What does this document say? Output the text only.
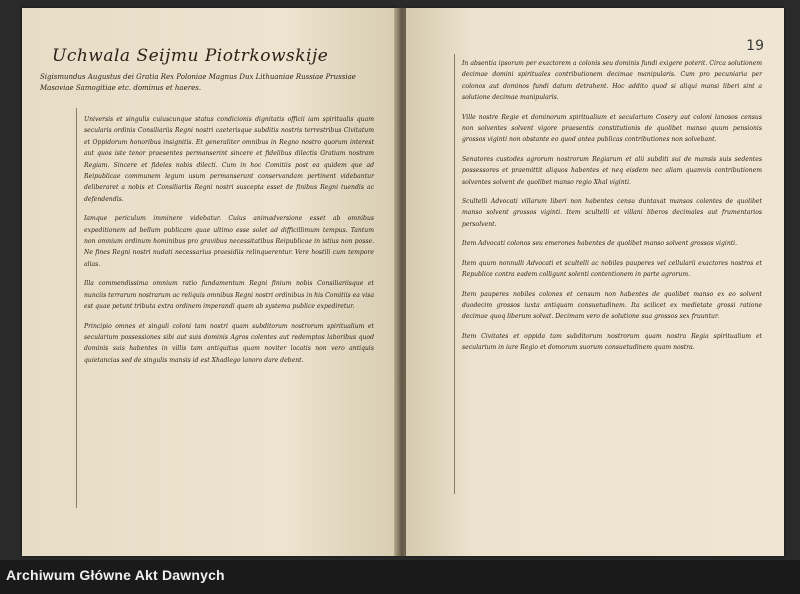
Uchwala Seijmu Piotrkowskije
Sigismundus Augustus dei Gratia Rex Poloniae Magnus Dux Lithuaniae Russiae Prussiae Masoviae Samogitiae etc. dominus et haeres.

Universis et singulis cuiuscunque status condicionis dignitatis officii iam spiritualis quam secularis ordinis Consiliariis Regni nostri caeterisque subditis nostris terrestribus Civitatum et Oppidorum honoribus insignitis. Et generaliter omnibus in Regno nostro quorum interest aut quos iste tenor praesentes permanserint sincere et fidelibus dilectis Gratiam nostram Regiam. Sincere et fideles nobis dilecti. Cum in hoc Comitiis post ea quidem que ad Reipublicae communem legum usum permanserunt conservandam pertinent videbantur deliberaret a nobis et Consiliariis Regni nostri suscepta esset de finibus Regni tuendis ac defendendis.

Iamque periculum imminere videbatur. Cuius animadversione esset ab omnibus expeditionem ad bellum publicam quae ultimo esse solet ad difficillimum tempus. Tantum non omnium ordinum hominibus pro gravibus necessitatibus Reipublicae in istius non posse. Ne fines Regni nostri nudati necessarius praesidiis relinquerentur. Vere hostili cum tempore alias.

Illa commendissima omnium ratio fundamentum Regni finium nobis Consiliariisque et nunciis terrarum nostrarum ac reliquis omnibus Regni nostri ordinibus in his Comitiis ea visa est quae petunt tributa extra ordinem imperandi quam ab systema publice expediretur.

Principio omnes et singuli coloni tam nostri quam subditorum nostrorum spiritualium et secularium possessiones sibi aut suis dominis Agros colentes aut redemptos laboribus quod dominis suis habentes in villis tam antiquitus quam noviter locatis non vero antiquis quietancias sed de singulis mansis id est Xhadlego lanoro dare debent.

19

In absentia ipsorum per exactorem a colonis seu dominis fundi exigere poterit. Circa solutionem decimae domini spirituales contributionem decimae manipularis. Cum pro pecuniaria per colonos aut dominos fundi datum detrahent. Hoc addito quod si aliqui mansi liberi sint a solutione decimae manipularis.

Ville nostre Regie et dominorum spiritualium et secularium Cosery aut coloni lanosos census non solventes solvent vigore praesentis constitutionis de quolibet manso quum pensionis grossos viginti non obstante eo quod antea publicas contributiones non solvebant.

Senatores custodes agrorum nostrorum Regiarum et alii subditi sui de mansis suis sedentes possessores et praemittit aliquos habentes et neq eisdem nec aliam quamvis contributionem solventes solvent de quolibet manso regio Xhal viginti.

Scultelli Advocati villarum liberi non habentes censu duntaxat mansos colentes de quolibet manso solvent grossos viginti. Item scultelli et villani liberos decimales aut frumentarios persolvent.

Item Advocati colonos seu emerones habentes de quolibet manso solvent grossos viginti.

Item quum nonnulli Advocati et scultelli ac nobiles pauperes vel cellularii exactores nostros et Republice contra eadem colligunt solenti contentionem in parte agrorum.

Item pauperes nobiles colones et censum non habentes de quolibet manso ex eo solvent duodecim grossos iuxta antiquam consuetudinem. Ita scilicet ex medietate grossi ratione decimae quoq liberum solvat. Decimam vero de solutione sua grossos sex fruuntur.

Item Civitates et oppida tam subditorum nostrorum quam nostra Regia spiritualium et secularium in iure Regio et domorum suorum consuetudinem quam nostra.

Archiwum Główne Akt Dawnych
